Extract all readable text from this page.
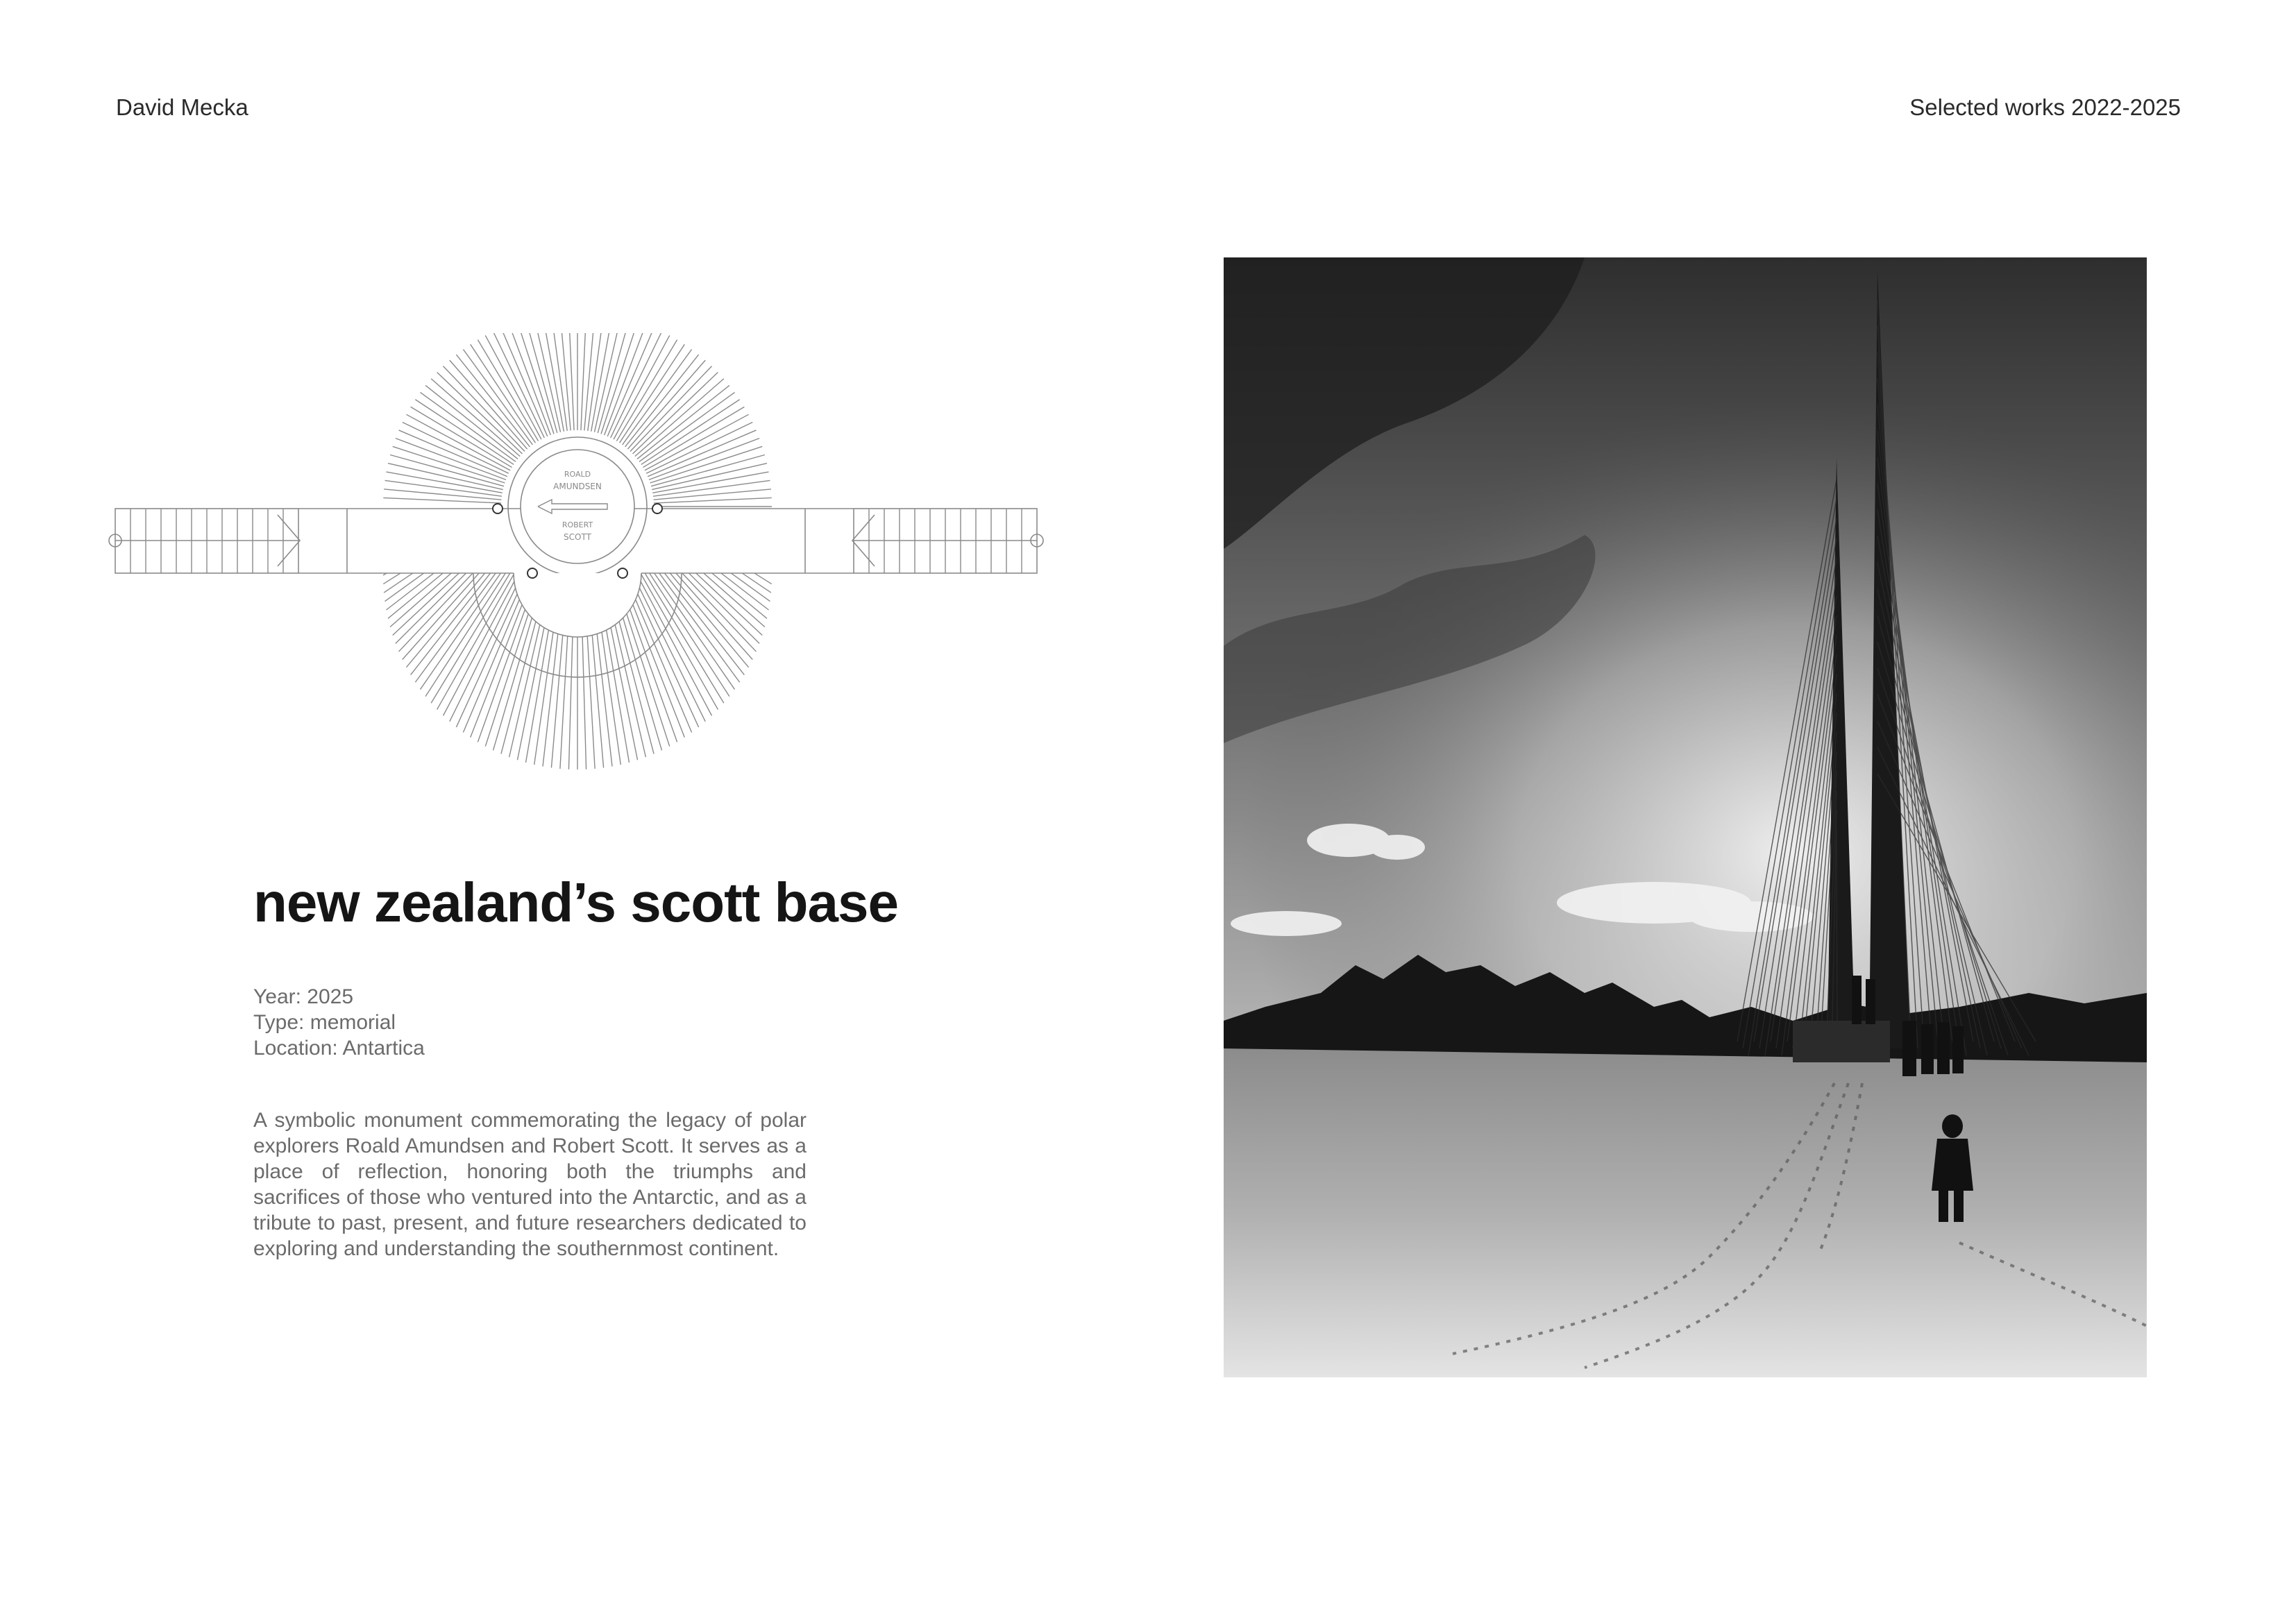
David Mecka	Selected works 2022-2025
ROALD
AMUNDSEN
ROBERT
SCOTT
new zealand’s scott base
Year: 2025
Type: memorial
Location: Antartica
A symbolic monument commemorating the legacy of polar explorers Roald Amundsen and Robert Scott. It serves as a place of reflection, honoring both the triumphs and sacrifices of those who ventured into the Antarctic, and as a tribute to past, present, and future researchers dedicated to exploring and understanding the southernmost continent.
